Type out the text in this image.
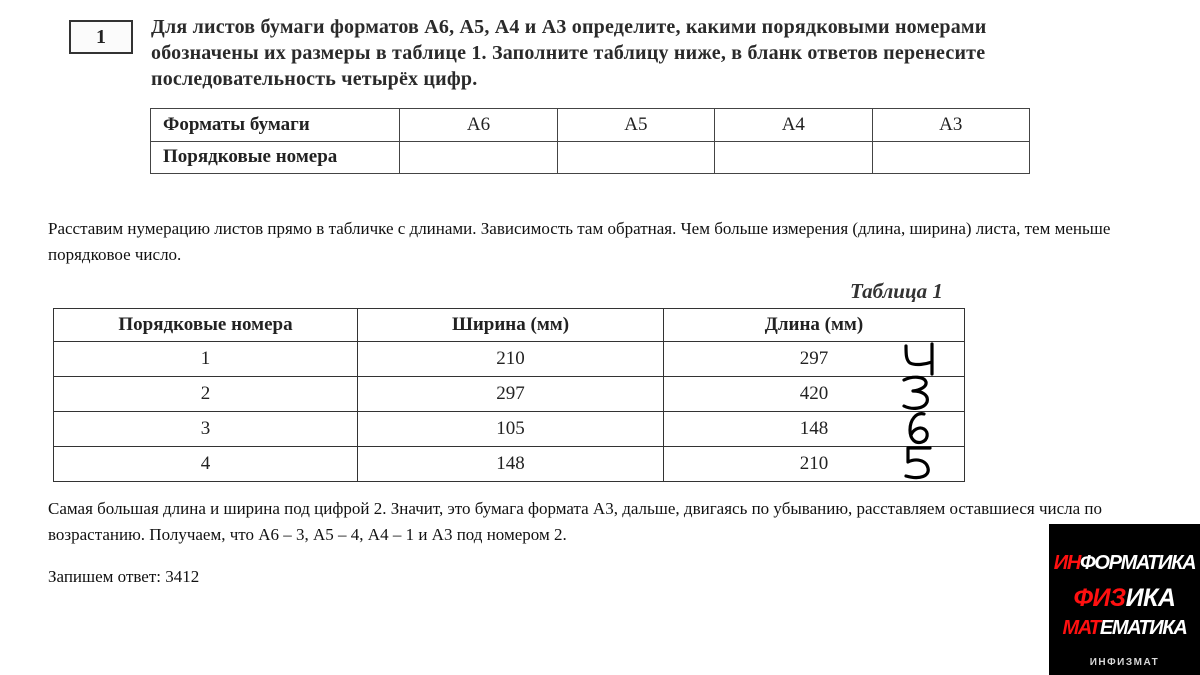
1	Для листов бумаги форматов А6, А5, А4 и А3 определите, какими порядковыми номерами обозначены их размеры в таблице 1. Заполните таблицу ниже, в бланк ответов перенесите последовательность четырёх цифр.

Форматы бумаги	А6	А5	А4	А3
Порядковые номера				

Расставим нумерацию листов прямо в табличке с длинами. Зависимость там обратная. Чем больше измерения (длина, ширина) листа, тем меньше порядковое число.

Таблица 1
Порядковые номера	Ширина (мм)	Длина (мм)
1	210	297
2	297	420
3	105	148
4	148	210

Самая большая длина и ширина под цифрой 2. Значит, это бумага формата А3, дальше, двигаясь по убыванию, расставляем оставшиеся числа по возрастанию. Получаем, что А6 – 3, А5 – 4, А4 – 1 и А3 под номером 2.

Запишем ответ: 3412

ИНФОРМАТИКА
ФИЗИКА
МАТЕМАТИКА
ИНФИЗМАТ
